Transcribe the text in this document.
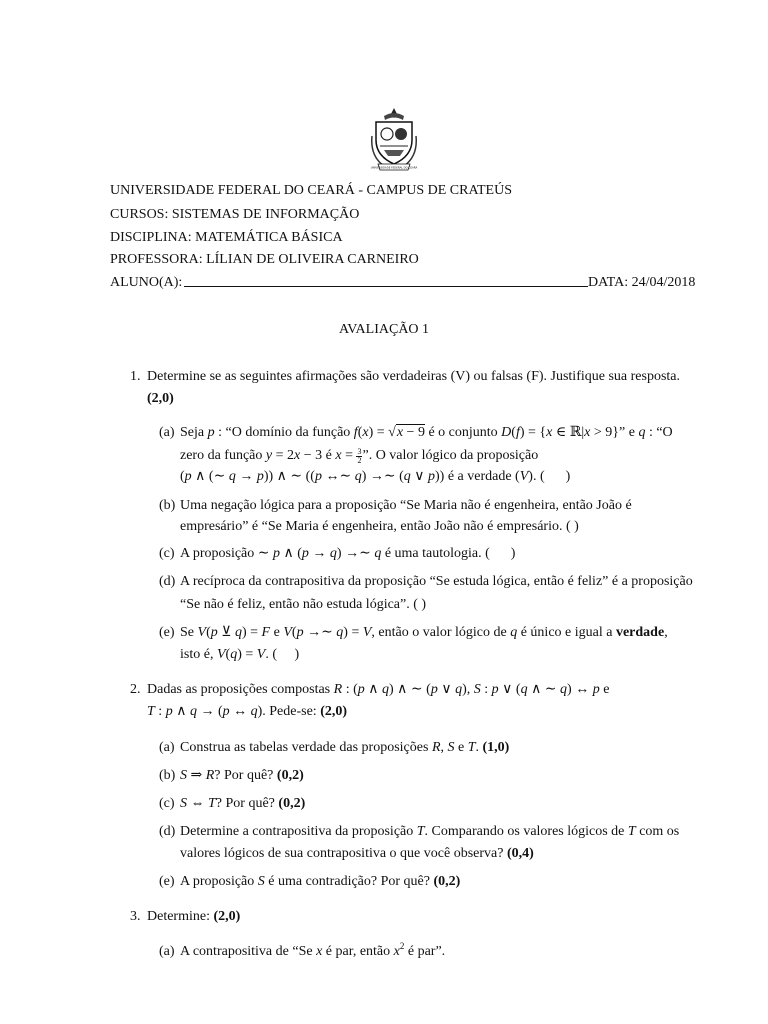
UNIVERSIDADE FEDERAL DO CEARÁ
UNIVERSIDADE FEDERAL DO CEARÁ - CAMPUS DE CRATEÚS
CURSOS: SISTEMAS DE INFORMAÇÃO
DISCIPLINA: MATEMÁTICA BÁSICA
PROFESSORA: LÍLIAN DE OLIVEIRA CARNEIRO
ALUNO(A):	DATA: 24/04/2018
AVALIAÇÃO 1
1. Determine se as seguintes afirmações são verdadeiras (V) ou falsas (F). Justifique sua resposta.
(2,0)
(a) Seja p : “O domínio da função f(x) = √x − 9 é o conjunto D(f) = {x ∈ ℝ|x > 9}” e q : “O
zero da função y = 2x − 3 é $x = \frac{3}{2}$ ”. O valor lógico da proposição
(p ∧ (∼ q → p)) ∧ ∼ ((p ↔∼ q) →∼ (q ∨ p)) é a verdade (V). (      )
(b) Uma negação lógica para a proposição “Se Maria não é engenheira, então João é
empresário” é “Se Maria é engenheira, então João não é empresário. ( )
(c) A proposição ∼ p ∧ (p → q) →∼ q é uma tautologia. (      )
(d) A recíproca da contrapositiva da proposição “Se estuda lógica, então é feliz” é a proposição
“Se não é feliz, então não estuda lógica”. ( )
(e) Se V(p ⊻ q) = F e V(p →∼ q) = V, então o valor lógico de q é único e igual a verdade,
isto é, V(q) = V. (     )
2. Dadas as proposições compostas R : (p ∧ q) ∧ ∼ (p ∨ q), S : p ∨ (q ∧ ∼ q) ↔ p e
T : p ∧ q → (p ↔ q). Pede-se: (2,0)
(a) Construa as tabelas verdade das proposições R, S e T. (1,0)
(b) S ⇒ R? Por quê? (0,2)
(c) S ⇔ T? Por quê? (0,2)
(d) Determine a contrapositiva da proposição T. Comparando os valores lógicos de T com os
valores lógicos de sua contrapositiva o que você observa? (0,4)
(e) A proposição S é uma contradição? Por quê? (0,2)
3. Determine: (2,0)
(a) A contrapositiva de “Se x é par, então $x^2$ é par”.
